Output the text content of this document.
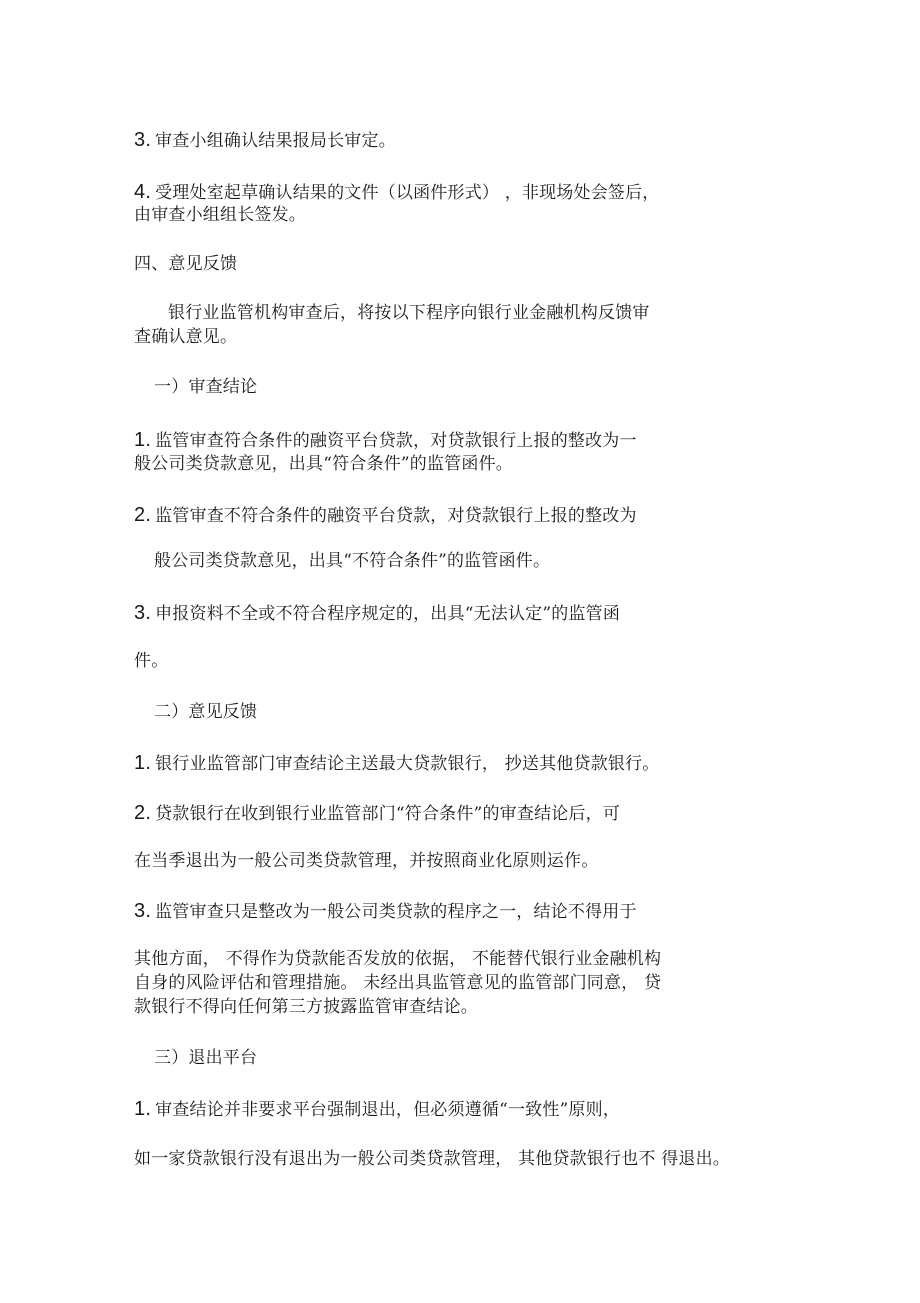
3. 审查小组确认结果报局长审定。
4. 受理处室起草确认结果的文件（以函件形式） ，非现场处会签后，
由审查小组组长签发。
四、意见反馈
银行业监管机构审查后，将按以下程序向银行业金融机构反馈审
查确认意见。
一）审查结论
1. 监管审查符合条件的融资平台贷款，对贷款银行上报的整改为一
般公司类贷款意见，出具“符合条件”的监管函件。
2. 监管审查不符合条件的融资平台贷款，对贷款银行上报的整改为
般公司类贷款意见，出具“不符合条件”的监管函件。
3. 申报资料不全或不符合程序规定的，出具“无法认定”的监管函
件。
二）意见反馈
1. 银行业监管部门审查结论主送最大贷款银行， 抄送其他贷款银行。
2. 贷款银行在收到银行业监管部门“符合条件”的审查结论后，可
在当季退出为一般公司类贷款管理，并按照商业化原则运作。
3. 监管审查只是整改为一般公司类贷款的程序之一，结论不得用于
其他方面， 不得作为贷款能否发放的依据， 不能替代银行业金融机构
自身的风险评估和管理措施。 未经出具监管意见的监管部门同意， 贷
款银行不得向任何第三方披露监管审查结论。
三）退出平台
1. 审查结论并非要求平台强制退出，但必须遵循“一致性”原则，
如一家贷款银行没有退出为一般公司类贷款管理， 其他贷款银行也不 得退出。
